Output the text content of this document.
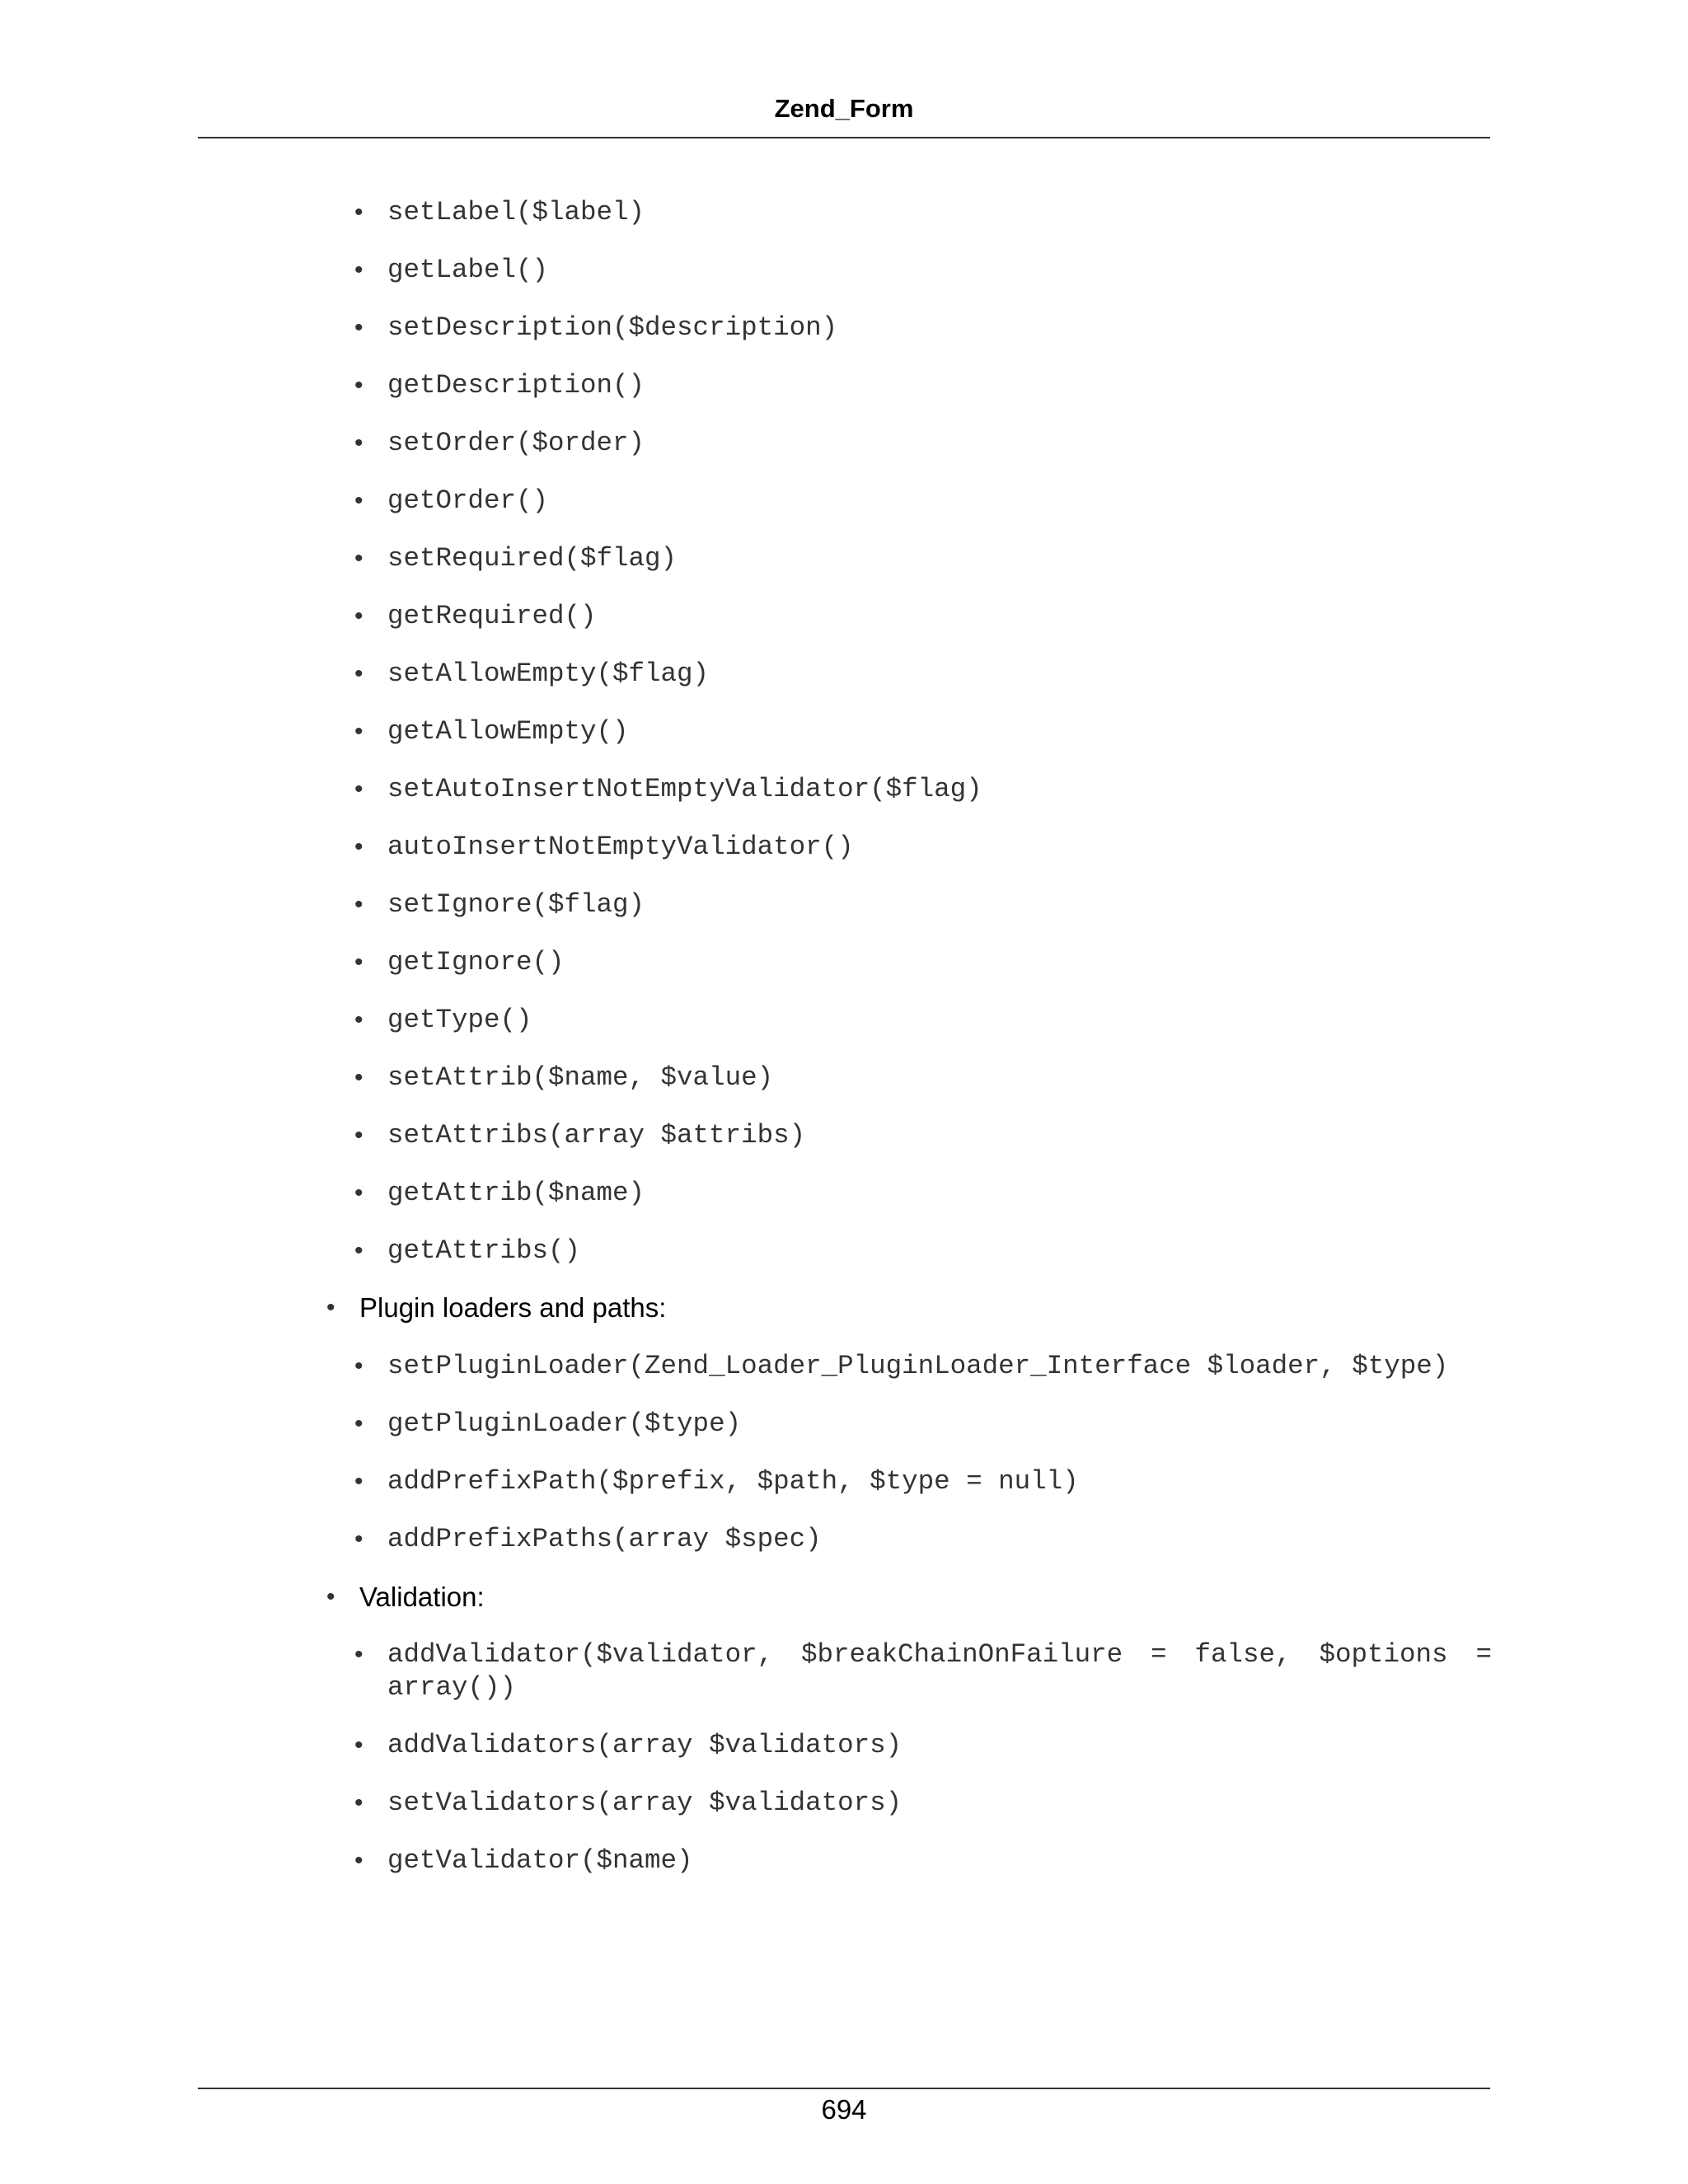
Zend_Form

•

setLabel($label)

•

getLabel()

•

setDescription($description)

•

getDescription()

•

setOrder($order)

•

getOrder()

•

setRequired($flag)

•

getRequired()

•

setAllowEmpty($flag)

•

getAllowEmpty()

•

setAutoInsertNotEmptyValidator($flag)

•

autoInsertNotEmptyValidator()

•

setIgnore($flag)

•

getIgnore()

•

getType()

•

setAttrib($name, $value)

•

setAttribs(array $attribs)

•

getAttrib($name)

•

getAttribs()

• Plugin loaders and paths:

•

setPluginLoader(Zend_Loader_PluginLoader_Interface $loader, $type)

•

getPluginLoader($type)

•

addPrefixPath($prefix, $path, $type = null)

•

addPrefixPaths(array $spec)

• Validation:

•

addValidator($validator, $breakChainOnFailure = false, $options = array())

•

addValidators(array $validators)

•

setValidators(array $validators)

•

getValidator($name)

694
